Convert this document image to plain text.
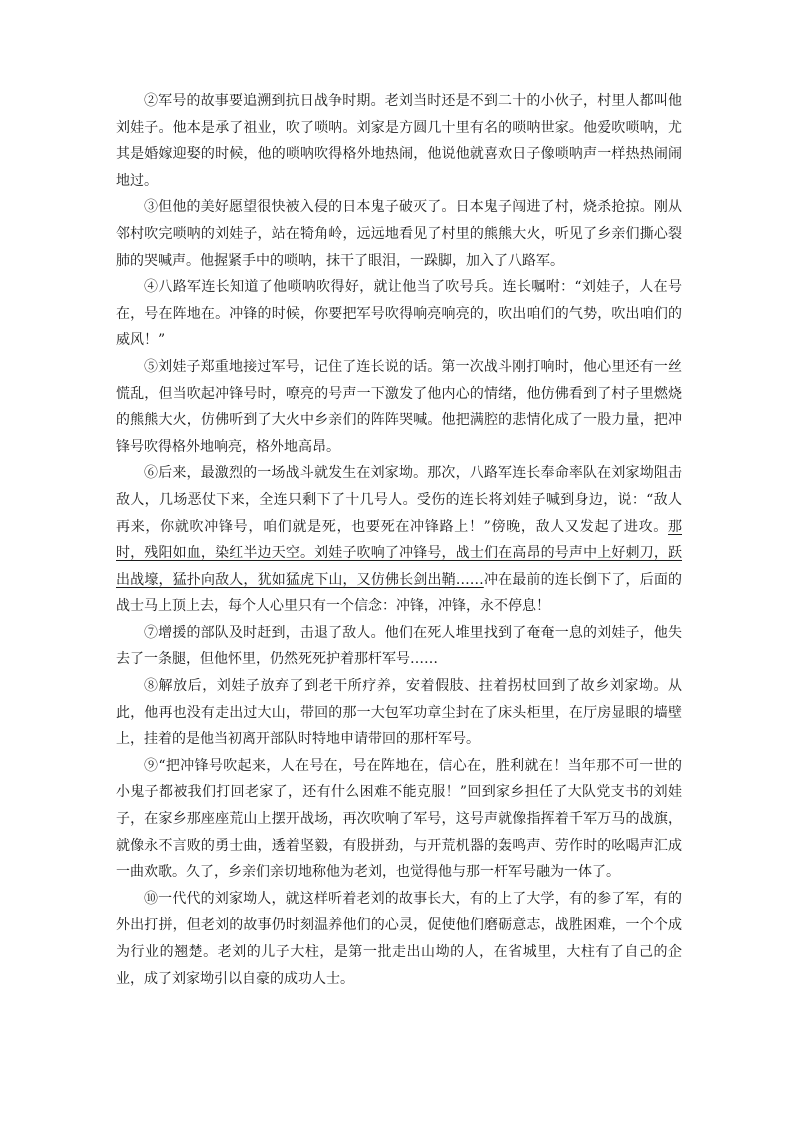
②军号的故事要追溯到抗日战争时期。老刘当时还是不到二十的小伙子，村里人都叫他刘娃子。他本是承了祖业，吹了唢呐。刘家是方圆几十里有名的唢呐世家。他爱吹唢呐，尤其是婚嫁迎娶的时候，他的唢呐吹得格外地热闹，他说他就喜欢日子像唢呐声一样热热闹闹地过。

③但他的美好愿望很快被入侵的日本鬼子破灭了。日本鬼子闯进了村，烧杀抢掠。刚从邻村吹完唢呐的刘娃子，站在犄角岭，远远地看见了村里的熊熊大火，听见了乡亲们撕心裂肺的哭喊声。他握紧手中的唢呐，抹干了眼泪，一跺脚，加入了八路军。

④八路军连长知道了他唢呐吹得好，就让他当了吹号兵。连长嘱咐：“刘娃子，人在号在，号在阵地在。冲锋的时候，你要把军号吹得响亮响亮的，吹出咱们的气势，吹出咱们的威风！”

⑤刘娃子郑重地接过军号，记住了连长说的话。第一次战斗刚打响时，他心里还有一丝慌乱，但当吹起冲锋号时，嘹亮的号声一下激发了他内心的情绪，他仿佛看到了村子里燃烧的熊熊大火，仿佛听到了大火中乡亲们的阵阵哭喊。他把满腔的悲情化成了一股力量，把冲锋号吹得格外地响亮，格外地高昂。

⑥后来，最激烈的一场战斗就发生在刘家坳。那次，八路军连长奉命率队在刘家坳阻击敌人，几场恶仗下来，全连只剩下了十几号人。受伤的连长将刘娃子喊到身边，说：“敌人再来，你就吹冲锋号，咱们就是死，也要死在冲锋路上！”傍晚，敌人又发起了进攻。那时，残阳如血，染红半边天空。刘娃子吹响了冲锋号，战士们在高昂的号声中上好刺刀，跃出战壕，猛扑向敌人，犹如猛虎下山，又仿佛长剑出鞘……冲在最前的连长倒下了，后面的战士马上顶上去，每个人心里只有一个信念：冲锋，冲锋，永不停息！

⑦增援的部队及时赶到，击退了敌人。他们在死人堆里找到了奄奄一息的刘娃子，他失去了一条腿，但他怀里，仍然死死护着那杆军号……

⑧解放后，刘娃子放弃了到老干所疗养，安着假肢、拄着拐杖回到了故乡刘家坳。从此，他再也没有走出过大山，带回的那一大包军功章尘封在了床头柜里，在厅房显眼的墙壁上，挂着的是他当初离开部队时特地申请带回的那杆军号。

⑨“把冲锋号吹起来，人在号在，号在阵地在，信心在，胜利就在！当年那不可一世的小鬼子都被我们打回老家了，还有什么困难不能克服！”回到家乡担任了大队党支书的刘娃子，在家乡那座座荒山上摆开战场，再次吹响了军号，这号声就像指挥着千军万马的战旗，就像永不言败的勇士曲，透着坚毅，有股拼劲，与开荒机器的轰鸣声、劳作时的吆喝声汇成一曲欢歌。久了，乡亲们亲切地称他为老刘，也觉得他与那一杆军号融为一体了。

⑩一代代的刘家坳人，就这样听着老刘的故事长大，有的上了大学，有的参了军，有的外出打拼，但老刘的故事仍时刻温养他们的心灵，促使他们磨砺意志，战胜困难，一个个成为行业的翘楚。老刘的儿子大柱，是第一批走出山坳的人，在省城里，大柱有了自己的企业，成了刘家坳引以自豪的成功人士。
